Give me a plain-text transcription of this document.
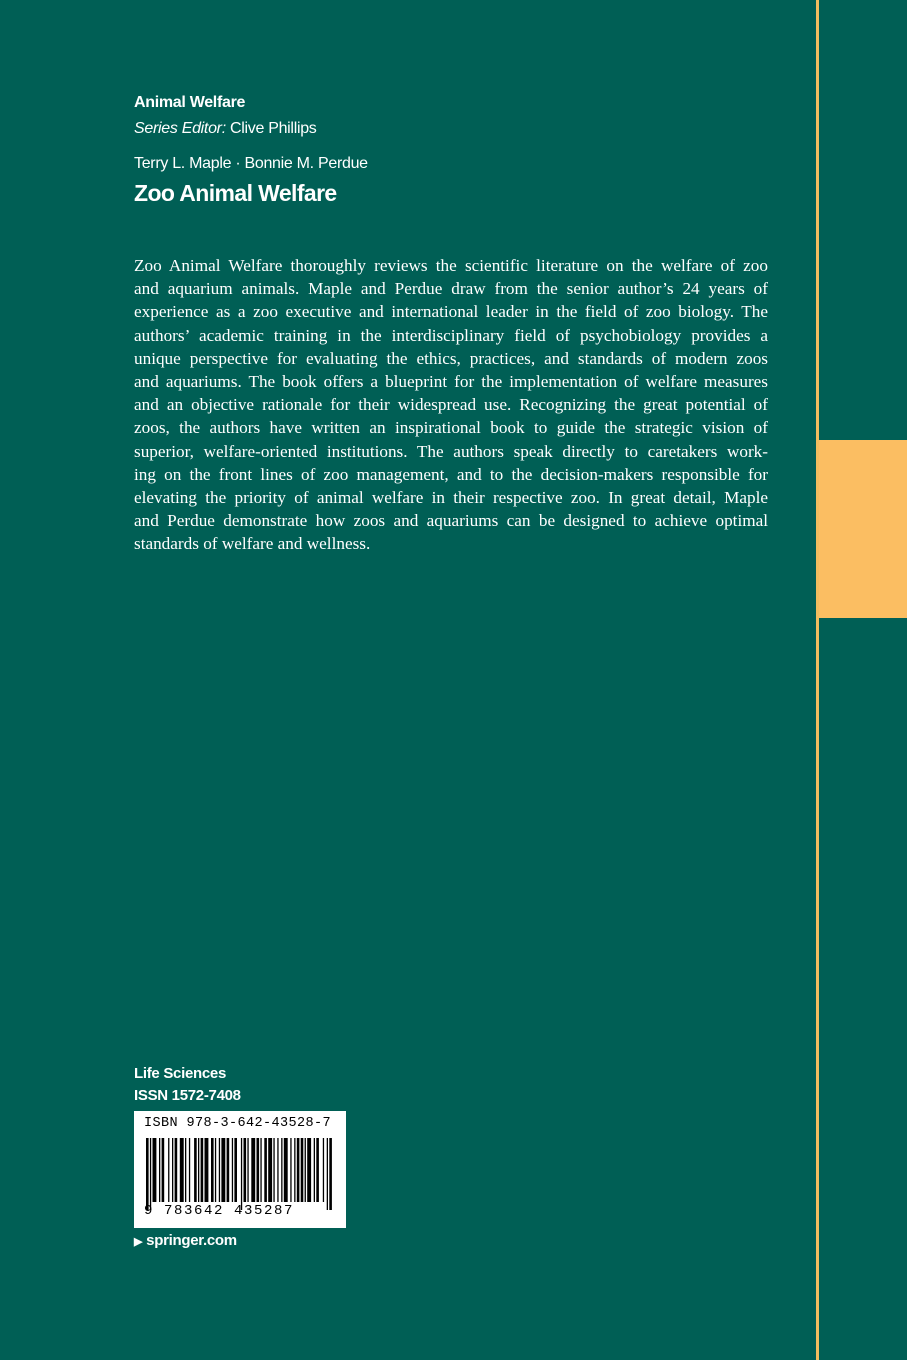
Animal Welfare
Series Editor: Clive Phillips
Terry L. Maple · Bonnie M. Perdue
Zoo Animal Welfare
Zoo Animal Welfare thoroughly reviews the scientific literature on the welfare of zoo
and aquarium animals. Maple and Perdue draw from the senior author’s 24 years of
experience as a zoo executive and international leader in the field of zoo biology. The
authors’ academic training in the interdisciplinary field of psychobiology provides a
unique perspective for evaluating the ethics, practices, and standards of modern zoos
and aquariums. The book offers a blueprint for the implementation of welfare measures
and an objective rationale for their widespread use. Recognizing the great potential of
zoos, the authors have written an inspirational book to guide the strategic vision of
superior, welfare-oriented institutions. The authors speak directly to caretakers work-
ing on the front lines of zoo management, and to the decision-makers responsible for
elevating the priority of animal welfare in their respective zoo. In great detail, Maple
and Perdue demonstrate how zoos and aquariums can be designed to achieve optimal
standards of welfare and wellness.
Life Sciences
ISSN 1572-7408
ISBN 978-3-642-43528-7
9 783642 435287
▶ springer.com
